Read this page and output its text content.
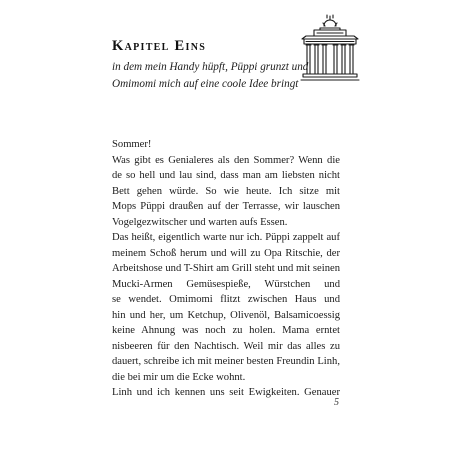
Kapitel Eins
in dem mein Handy hüpft, Püppi grunzt und
Omimomi mich auf eine coole Idee bringt
Sommer!
Was gibt es Genialeres als den Sommer? Wenn die
de so hell und lau sind, dass man am liebsten nicht
Bett gehen würde. So wie heute. Ich sitze mit
Mops Püppi draußen auf der Terrasse, wir lauschen
Vogelgezwitscher und warten aufs Essen.
Das heißt, eigentlich warte nur ich. Püppi zappelt auf
meinem Schoß herum und will zu Opa Ritschie, der
Arbeitshose und T-Shirt am Grill steht und mit seinen
Mucki-Armen Gemüsespieße, Würstchen und
se wendet. Omimomi flitzt zwischen Haus und
hin und her, um Ketchup, Olivenöl, Balsamicoessig
keine Ahnung was noch zu holen. Mama erntet
nisbeeren für den Nachtisch. Weil mir das alles zu
dauert, schreibe ich mit meiner besten Freundin Linh,
die bei mir um die Ecke wohnt.
Linh und ich kennen uns seit Ewigkeiten. Genauer
5
